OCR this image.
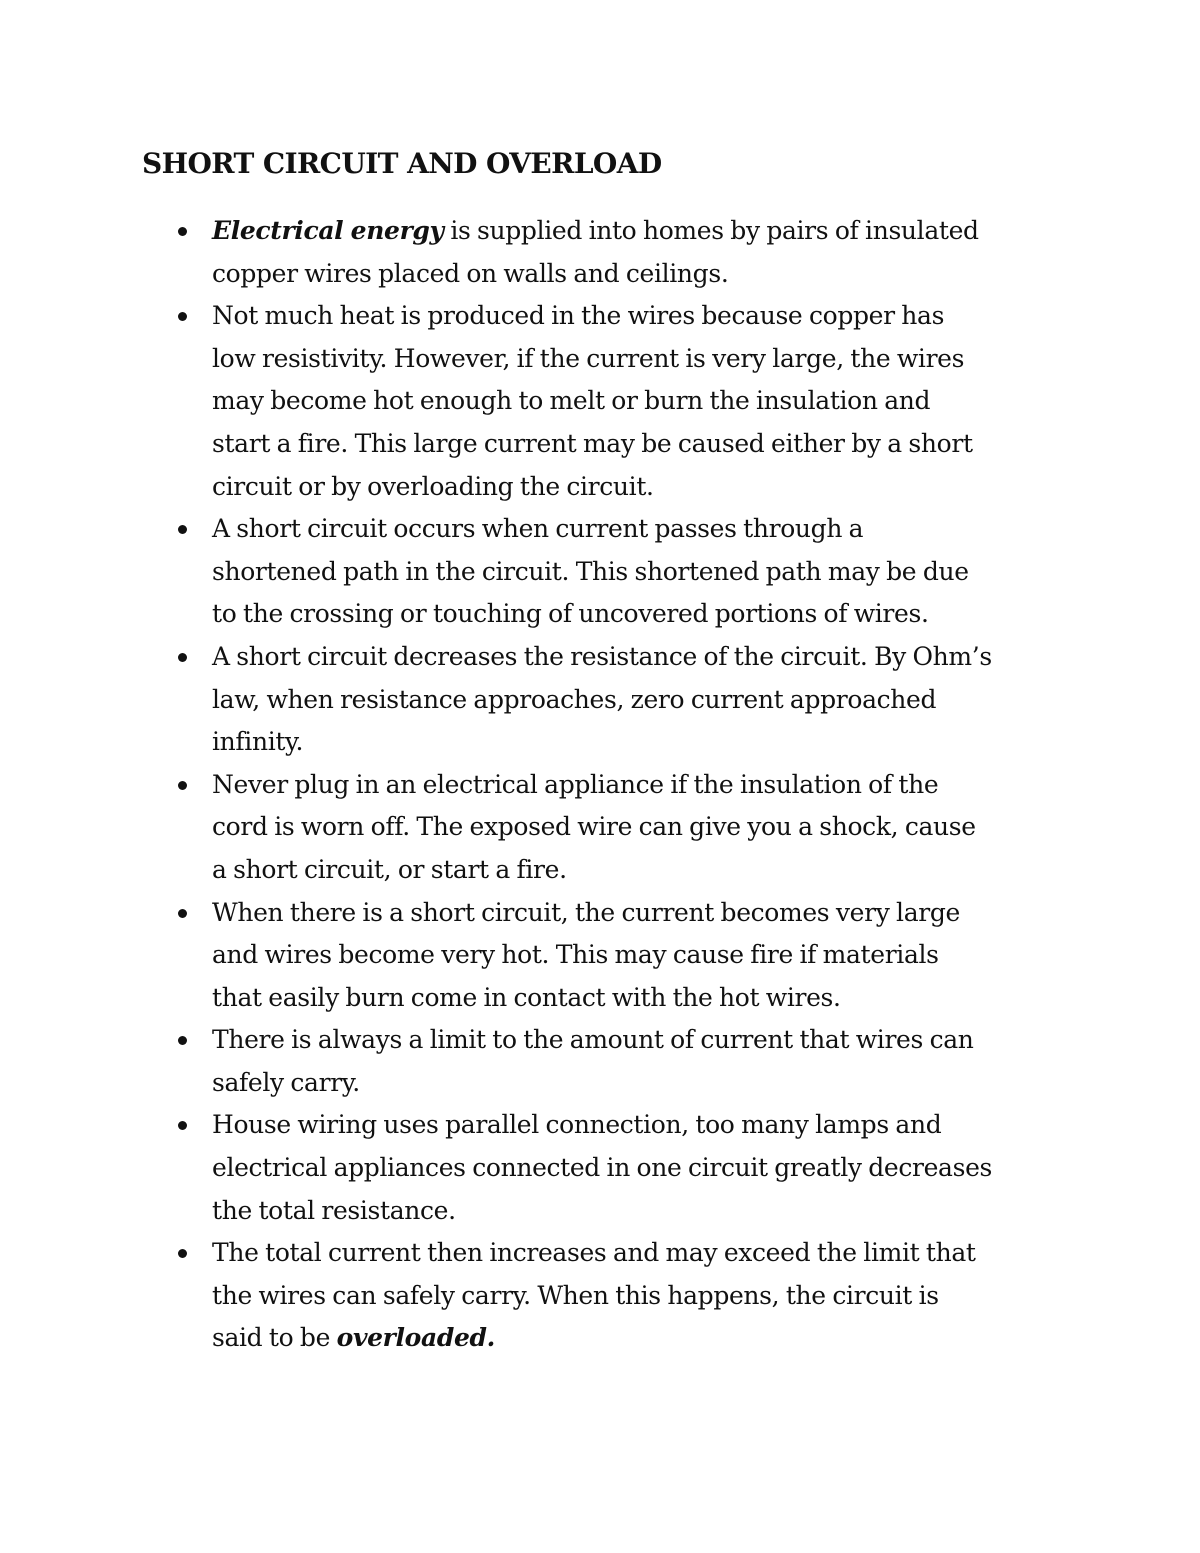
SHORT CIRCUIT AND OVERLOAD
Electrical energy is supplied into homes by pairs of insulated
copper wires placed on walls and ceilings.
Not much heat is produced in the wires because copper has
low resistivity. However, if the current is very large, the wires
may become hot enough to melt or burn the insulation and
start a fire. This large current may be caused either by a short
circuit or by overloading the circuit.
A short circuit occurs when current passes through a
shortened path in the circuit. This shortened path may be due
to the crossing or touching of uncovered portions of wires.
A short circuit decreases the resistance of the circuit. By Ohm’s
law, when resistance approaches, zero current approached
infinity.
Never plug in an electrical appliance if the insulation of the
cord is worn off. The exposed wire can give you a shock, cause
a short circuit, or start a fire.
When there is a short circuit, the current becomes very large
and wires become very hot. This may cause fire if materials
that easily burn come in contact with the hot wires.
There is always a limit to the amount of current that wires can
safely carry.
House wiring uses parallel connection, too many lamps and
electrical appliances connected in one circuit greatly decreases
the total resistance.
The total current then increases and may exceed the limit that
the wires can safely carry. When this happens, the circuit is
said to be overloaded.
